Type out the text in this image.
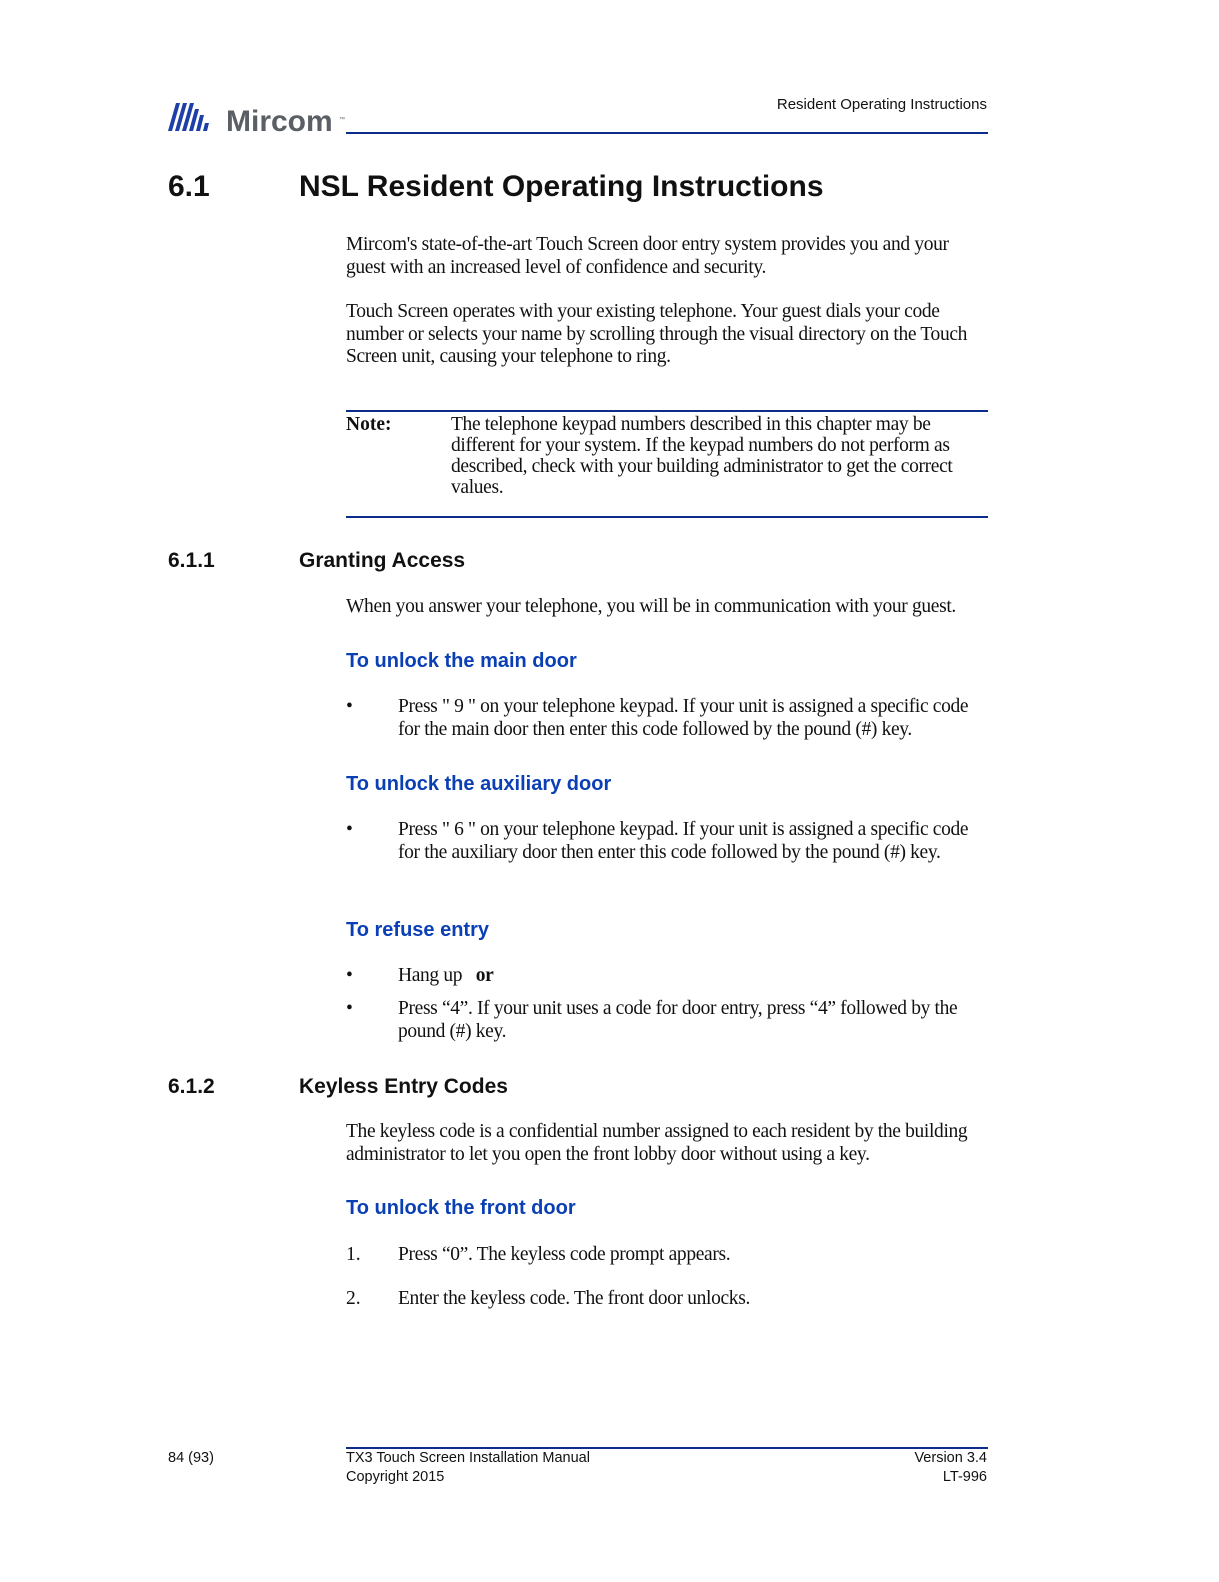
Mircom ™
Resident Operating Instructions
6.1	NSL Resident Operating Instructions
Mircom's state-of-the-art Touch Screen door entry system provides you and your guest with an increased level of confidence and security.
Touch Screen operates with your existing telephone. Your guest dials your code number or selects your name by scrolling through the visual directory on the Touch Screen unit, causing your telephone to ring.
Note:	The telephone keypad numbers described in this chapter may be different for your system. If the keypad numbers do not perform as described, check with your building administrator to get the correct values.
6.1.1	Granting Access
When you answer your telephone, you will be in communication with your guest.
To unlock the main door
• Press " 9 " on your telephone keypad. If your unit is assigned a specific code for the main door then enter this code followed by the pound (#) key.
To unlock the auxiliary door
• Press " 6 " on your telephone keypad. If your unit is assigned a specific code for the auxiliary door then enter this code followed by the pound (#) key.
To refuse entry
• Hang up or
• Press “4”. If your unit uses a code for door entry, press “4” followed by the pound (#) key.
6.1.2	Keyless Entry Codes
The keyless code is a confidential number assigned to each resident by the building administrator to let you open the front lobby door without using a key.
To unlock the front door
1. Press “0”. The keyless code prompt appears.
2. Enter the keyless code. The front door unlocks.
84 (93)	TX3 Touch Screen Installation Manual
Copyright 2015
Version 3.4
LT-996
